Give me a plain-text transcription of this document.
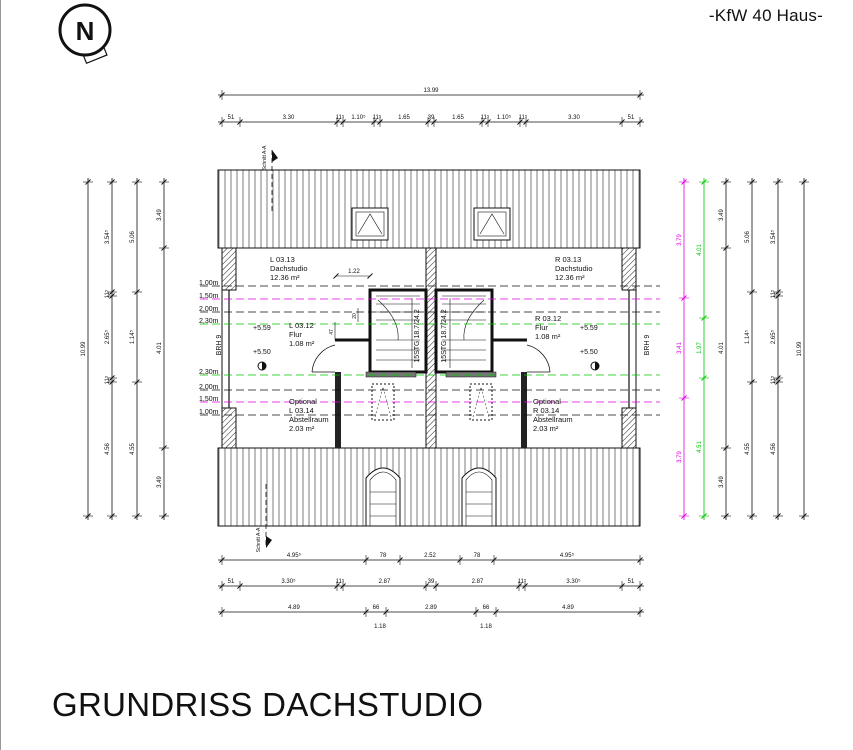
-KfW 40 Haus-
N
1,00m
1,50m
2,00m
2,30m
2,30m
2,00m
1,50m
1,00m
13.99
51	3.30	11⁵ 1.10⁵ 11⁵	1.65	39	1.65	11⁵ 1.10⁵ 11⁵	3.30	51
4.95⁵	78	2.52	78	4.95⁵
51	3.30⁵	11⁵	2.87	39	2.87	11⁵	3.30⁵	51
4.89	66	2.89	66	4.89
1.18	1.18
10.99
3.54⁵
11⁵
2.65⁵
11⁵
4.56
5.06
1.14⁵
4.55
3.49
4.01
3.49
3.79
3.41
3.79
4.01
1.97
4.51
3.49
4.01
3.49
5.06
1.14⁵
4.55
3.54⁵
11⁵
2.65⁵
11⁵
4.56
10.99
Schnitt A-A
Schnitt A-A
BRH 9	BRH 9
1.22
47
20	15STG 18.7/24.2	15STG 18.7/24.2
+5.59
+5.50
+5.59
+5.50
L 03.13
Dachstudio
12.36 m²
R 03.13
Dachstudio
12.36 m²
L 03.12
Flur
1.08 m²
R 03.12
Flur
1.08 m²
Optional
L 03.14
Abstellraum
2.03 m²
Optional
R 03.14
Abstellraum
2.03 m²
GRUNDRISS DACHSTUDIO
